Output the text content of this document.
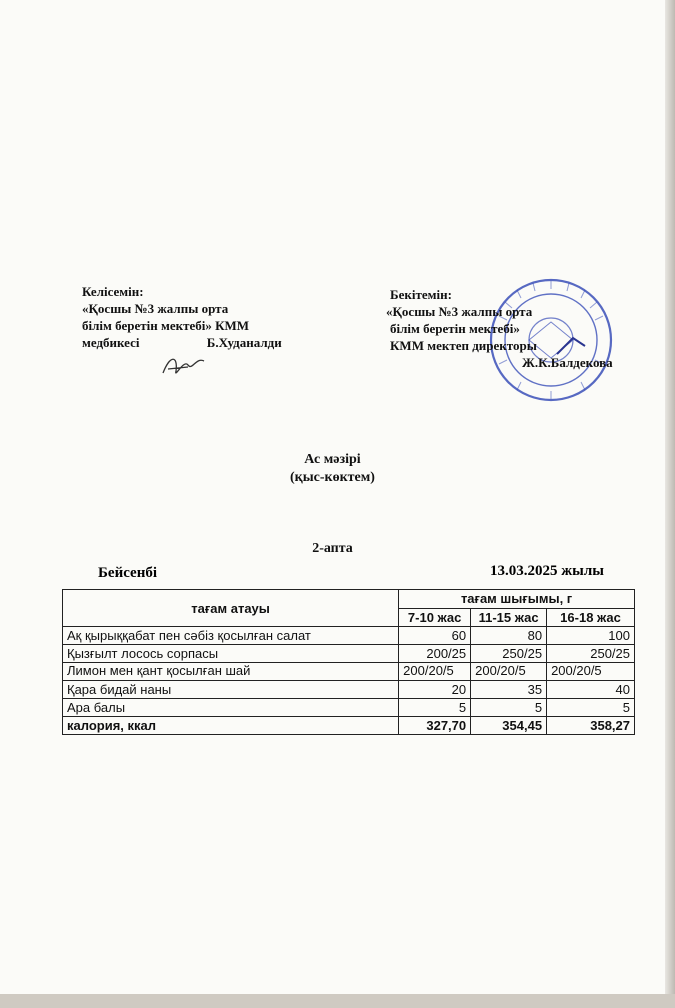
Келісемін:
«Қосшы №3 жалпы орта
білім беретін мектебі» КММ
медбикесі	Б.Худаналди
Бекітемін:
«Қосшы №3 жалпы орта
білім беретін мектебі»
КММ мектеп директоры
Ж.К.Балдекова
Ас мәзірі
(қыс-көктем)
2-апта
Бейсенбі	13.03.2025 жылы
тағам атауы	тағам шығымы, г		
	7-10 жас	11-15 жас	16-18 жас
Ақ қырыққабат пен сәбіз қосылған салат	60	80	100
Қызғылт лосось сорпасы	200/25	250/25	250/25
Лимон мен қант қосылған шай	200/20/5	200/20/5	200/20/5
Қара бидай наны	20	35	40
Ара балы	5	5	5
калория, ккал	327,70	354,45	358,27
